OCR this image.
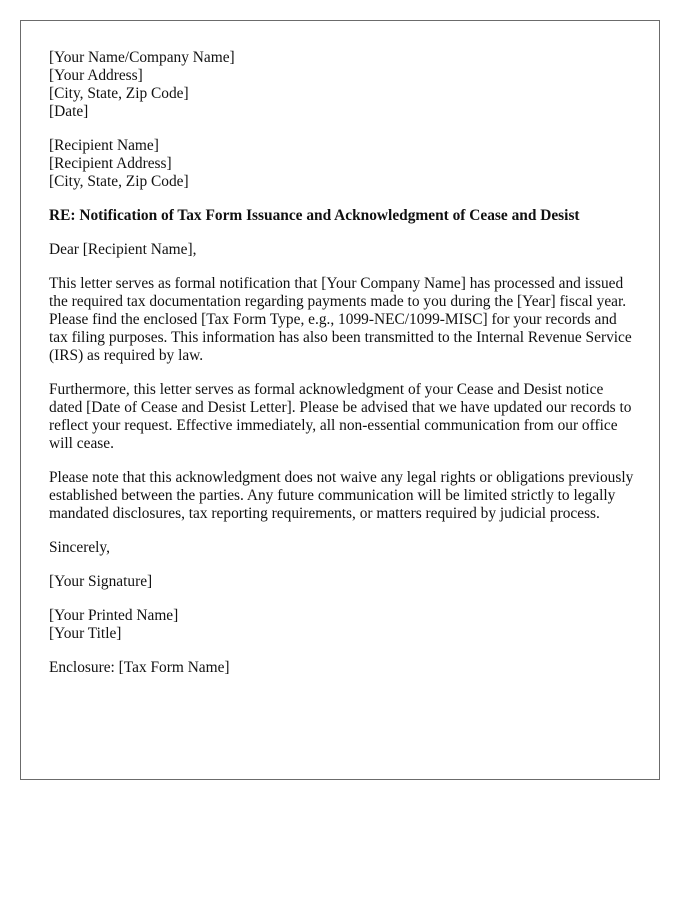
[Your Name/Company Name]
[Your Address]
[City, State, Zip Code]
[Date]
[Recipient Name]
[Recipient Address]
[City, State, Zip Code]
RE: Notification of Tax Form Issuance and Acknowledgment of Cease and Desist
Dear [Recipient Name],

This letter serves as formal notification that [Your Company Name] has processed and issued the required tax documentation regarding payments made to you during the [Year] fiscal year. Please find the enclosed [Tax Form Type, e.g., 1099-NEC/1099-MISC] for your records and tax filing purposes. This information has also been transmitted to the Internal Revenue Service (IRS) as required by law.

Furthermore, this letter serves as formal acknowledgment of your Cease and Desist notice dated [Date of Cease and Desist Letter]. Please be advised that we have updated our records to reflect your request. Effective immediately, all non-essential communication from our office will cease.

Please note that this acknowledgment does not waive any legal rights or obligations previously established between the parties. Any future communication will be limited strictly to legally mandated disclosures, tax reporting requirements, or matters required by judicial process.

Sincerely,
[Your Signature]
[Your Printed Name]
[Your Title]
Enclosure: [Tax Form Name]
